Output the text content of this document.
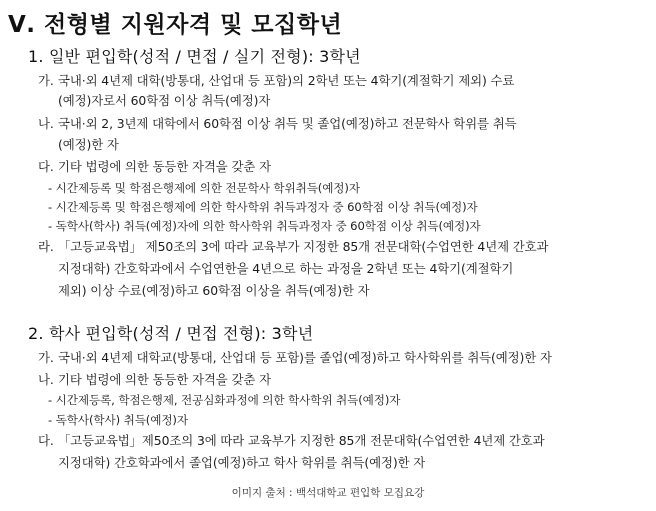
Ⅴ. 전형별 지원자격 및 모집학년
1. 일반 편입학(성적 / 면접 / 실기 전형): 3학년
가. 국내·외 4년제 대학(방통대, 산업대 등 포함)의 2학년 또는 4학기(계절학기 제외) 수료
(예정)자로서 60학점 이상 취득(예정)자
나. 국내·외 2, 3년제 대학에서 60학점 이상 취득 및 졸업(예정)하고 전문학사 학위를 취득
(예정)한 자
다. 기타 법령에 의한 동등한 자격을 갖춘 자
- 시간제등록 및 학점은행제에 의한 전문학사 학위취득(예정)자
- 시간제등록 및 학점은행제에 의한 학사학위 취득과정자 중 60학점 이상 취득(예정)자
- 독학사(학사) 취득(예정)자에 의한 학사학위 취득과정자 중 60학점 이상 취득(예정)자
라. 「고등교육법」 제50조의 3에 따라 교육부가 지정한 85개 전문대학(수업연한 4년제 간호과
지정대학) 간호학과에서 수업연한을 4년으로 하는 과정을 2학년 또는 4학기(계절학기
제외) 이상 수료(예정)하고 60학점 이상을 취득(예정)한 자
2. 학사 편입학(성적 / 면접 전형): 3학년
가. 국내·외 4년제 대학교(방통대, 산업대 등 포함)를 졸업(예정)하고 학사학위를 취득(예정)한 자
나. 기타 법령에 의한 동등한 자격을 갖춘 자
- 시간제등록, 학점은행제, 전공심화과정에 의한 학사학위 취득(예정)자
- 독학사(학사) 취득(예정)자
다. 「고등교육법」제50조의 3에 따라 교육부가 지정한 85개 전문대학(수업연한 4년제 간호과
지정대학) 간호학과에서 졸업(예정)하고 학사 학위를 취득(예정)한 자
이미지 출처 : 백석대학교 편입학 모집요강
